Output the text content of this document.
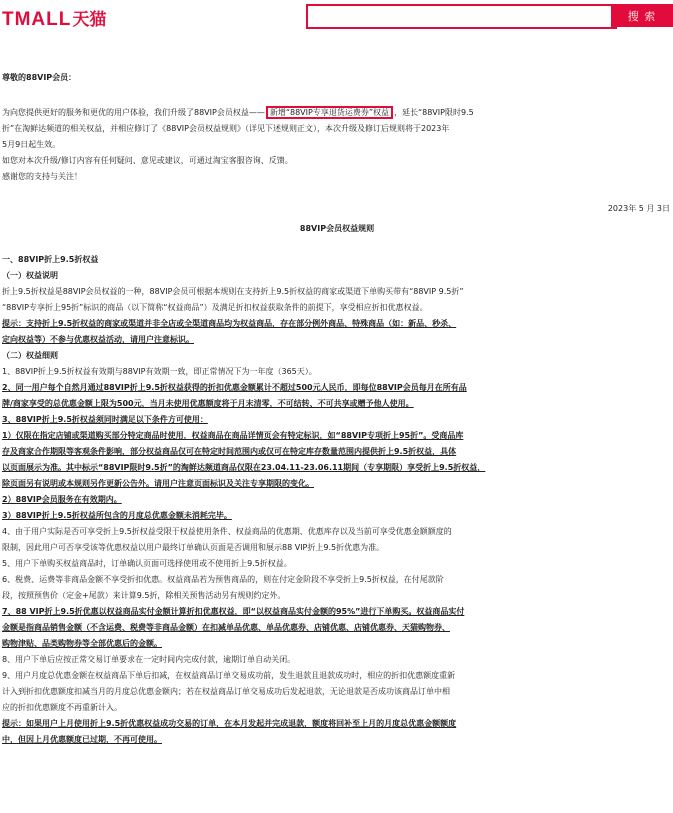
TMALL天猫	搜 索

尊敬的88VIP会员：

为向您提供更好的服务和更优的用户体验，我们升级了88VIP会员权益—— 新增“88VIP专享退货运费券”权益 ，延长“88VIP限时9.5

折”在淘鲜达频道的相关权益，并相应修订了《88VIP会员权益规则》（详见下述规则正文），本次升级及修订后规则将于2023年

5月9日起生效。

如您对本次升级/修订内容有任何疑问、意见或建议，可通过淘宝客服咨询、反馈。

感谢您的支持与关注！

2023年 5 月 3日

88VIP会员权益规则

一、88VIP折上9.5折权益

（一）权益说明

折上9.5折权益是88VIP会员权益的一种，88VIP会员可根据本规则在支持折上9.5折权益的商家或渠道下单购买带有“88VIP 9.5折”

“88VIP专享折上95折”标识的商品（以下简称“权益商品”）及满足折扣权益获取条件的前提下，享受相应折扣优惠权益。

提示：支持折上9.5折权益的商家或渠道并非全店或全渠道商品均为权益商品，存在部分例外商品、特殊商品（如：新品、秒杀、

定向权益等）不参与优惠权益活动，请用户注意标识。

（二）权益细则

1、88VIP折上9.5折权益有效期与88VIP有效期一致，即正常情况下为一年度（365天）。

2、同一用户每个自然月通过88VIP折上9.5折权益获得的折扣优惠金额累计不超过500元人民币，即每位88VIP会员每月在所有品

牌/商家享受的总优惠金额上限为500元，当月未使用优惠额度将于月末清零，不可结转、不可共享或赠予他人使用。

3、88VIP折上9.5折权益须同时满足以下条件方可使用：

1）仅限在指定店铺或渠道购买部分特定商品时使用，权益商品在商品详情页会有特定标识，如“88VIP专项折上95折”。受商品库

存及商家合作期限等客观条件影响，部分权益商品仅可在特定时间范围内或仅可在特定库存数量范围内提供折上9.5折权益，具体

以页面展示为准。其中标示“88VIP限时9.5折”的淘鲜达频道商品仅限在23.04.11-23.06.11期间（专享期限）享受折上9.5折权益，

除页面另有说明或本规则另作更新公告外。请用户注意页面标识及关注专享期限的变化。

2）88VIP会员服务在有效期内。

3）88VIP折上9.5折权益所包含的月度总优惠金额未消耗完毕。

4、由于用户实际是否可享受折上9.5折权益受限于权益使用条件、权益商品的优惠期、优惠库存以及当前可享受优惠金额额度的

限制，因此用户可否享受该等优惠权益以用户最终订单确认页面是否调用和展示88 VIP折上9.5折优惠为准。

5、用户下单购买权益商品时，订单确认页面可选择使用或不使用折上9.5折权益。

6、税费、运费等非商品金额不享受折扣优惠。权益商品若为预售商品的，则在付定金阶段不享受折上9.5折权益，在付尾款阶

段，按照预售价（定金+尾款）来计算9.5折，除相关预售活动另有规则约定外。

7、88 VIP折上9.5折优惠以权益商品实付金额计算折扣优惠权益，即“以权益商品实付金额的95%”进行下单购买。权益商品实付

金额是指商品销售金额（不含运费、税费等非商品金额）在扣减单品优惠、单品优惠券、店铺优惠、店铺优惠券、天猫购物券、

购物津贴、品类购物券等全部优惠后的金额。

8、用户下单后应按正常交易订单要求在一定时间内完成付款，逾期订单自动关闭。

9、用户月度总优惠金额在权益商品下单后扣减，在权益商品订单交易成功前，发生退款且退款成功时，相应的折扣优惠额度重新

计入到折扣优惠额度扣减当月的月度总优惠金额内；若在权益商品订单交易成功后发起退款，无论退款是否成功该商品订单中相

应的折扣优惠额度不再重新计入。

提示：如果用户上月使用折上9.5折优惠权益成功交易的订单，在本月发起并完成退款，额度将回补至上月的月度总优惠金额额度

中，但因上月优惠额度已过期，不再可使用。
